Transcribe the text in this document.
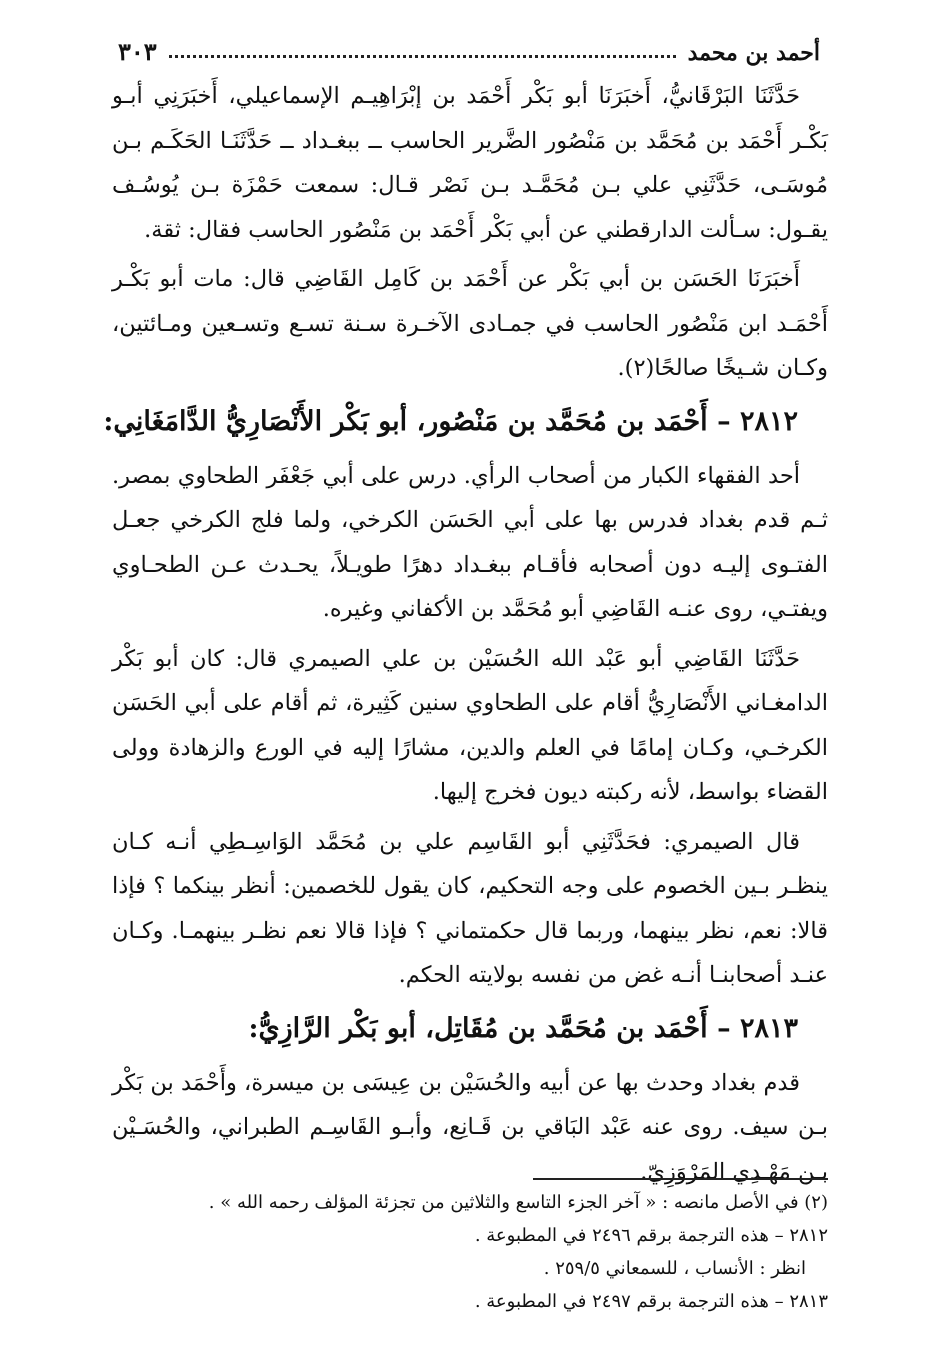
أحمد بن محمد
٣٠٣

حَدَّثَنَا البَرْقَانيُّ، أَخبَرَنَا أبو بَكْر أَحْمَد بن إبْرَاهِيـم الإسماعيلي، أَخبَرَنِي أبـو بَكْـر أَحْمَد بن مُحَمَّد بن مَنْصُور الضَّرير الحاسب ــ ببغـداد ــ حَدَّثَنَـا الحَكَـم بـن مُوسَـى، حَدَّثَنِي علي بـن مُحَمَّـد بـن نَصْر قـال: سمعت حَمْزَة بـن يُوسُـف يقـول: سـألت الدارقطني عن أبي بَكْر أَحْمَد بن مَنْصُور الحاسب فقال: ثقة.

أَخبَرَنَا الحَسَن بن أبي بَكْر عن أَحْمَد بن كَامِل القَاضِي قال: مات أبو بَكْـر أَحْمَـد ابن مَنْصُور الحاسب في جمـادى الآخـرة سـنة تسـع وتسـعين ومـائتين، وكـان شـيخًا صالحًا(٢).

٢٨١٢ – أَحْمَد بن مُحَمَّد بن مَنْصُور، أبو بَكْر الأَنْصَارِيُّ الدَّامَغَانِي:

أحد الفقهاء الكبار من أصحاب الرأي. درس على أبي جَعْفَر الطحاوي بمصر. ثـم قدم بغداد فدرس بها على أبي الحَسَن الكرخي، ولما فلج الكرخي جعـل الفتـوى إليـه دون أصحابه فأقـام ببغـداد دهرًا طويـلاً، يحـدث عـن الطحـاوي ويفتـي، روى عنـه القَاضِي أبو مُحَمَّد بن الأكفاني وغيره.

حَدَّثَنَا القَاضِي أبو عَبْد الله الحُسَيْن بن علي الصيمري قال: كان أبو بَكْر الدامغـاني الأَنْصَارِيُّ أقام على الطحاوي سنين كَثِيرة، ثم أقام على أبي الحَسَن الكرخـي، وكـان إمامًا في العلم والدين، مشارًا إليه في الورع والزهادة وولى القضاء بواسط، لأنه ركبته ديون فخرج إليها.

قال الصيمري: فحَدَّثَنِي أبو القَاسِم علي بن مُحَمَّد الوَاسِـطِي أنـه كـان ينظـر بـين الخصوم على وجه التحكيم، كان يقول للخصمين: أنظر بينكما ؟ فإذا قالا: نعم، نظر بينهما، وربما قال حكمتماني ؟ فإذا قالا نعم نظـر بينهمـا. وكـان عنـد أصحابنـا أنـه غض من نفسه بولايته الحكم.

٢٨١٣ – أَحْمَد بن مُحَمَّد بن مُقَاتِل، أبو بَكْر الرَّازِيُّ:

قدم بغداد وحدث بها عن أبيه والحُسَيْن بن عِيسَى بن ميسرة، وأَحْمَد بن بَكْر بـن سيف. روى عنه عَبْد البَاقي بن قَـانِع، وأبـو القَاسِـم الطبراني، والحُسَـيْن بـن مَهْـدِي المَرْوَزِيّ.

(٢) في الأصل مانصه : « آخر الجزء التاسع والثلاثين من تجزئة المؤلف رحمه الله » .

٢٨١٢ – هذه الترجمة برقم ٢٤٩٦ في المطبوعة .

انظر : الأنساب ، للسمعاني ٢٥٩/٥ .

٢٨١٣ – هذه الترجمة برقم ٢٤٩٧ في المطبوعة .
